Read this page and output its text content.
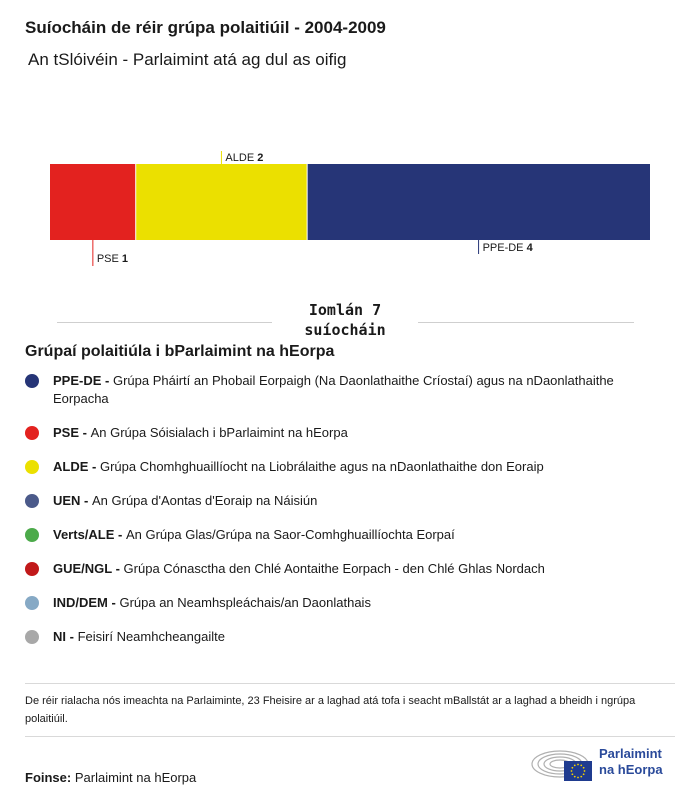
Suíocháin de réir grúpa polaitiúil - 2004-2009
An tSlóivéin - Parlaimint atá ag dul as oifig
PSE 1
ALDE 2
PPE-DE 4
Iomlán 7 suíocháin
Grúpaí polaitiúla i bParlaimint na hEorpa
PPE-DE - Grúpa Pháirtí an Phobail Eorpaigh (Na Daonlathaithe Críostaí) agus na nDaonlathaithe Eorpacha
PSE - An Grúpa Sóisialach i bParlaimint na hEorpa
ALDE - Grúpa Chomhghuaillíocht na Liobrálaithe agus na nDaonlathaithe don Eoraip
UEN - An Grúpa d'Aontas d'Eoraip na Náisiún
Verts/ALE - An Grúpa Glas/Grúpa na Saor-Comhghuaillíochta Eorpaí
GUE/NGL - Grúpa Cónasctha den Chlé Aontaithe Eorpach - den Chlé Ghlas Nordach
IND/DEM - Grúpa an Neamhspleáchais/an Daonlathais
NI - Feisirí Neamhcheangailte
De réir rialacha nós imeachta na Parlaiminte, 23 Fheisire ar a laghad atá tofa i seacht mBallstát ar a laghad a bheidh i ngrúpa polaitiúil.
Foinse: Parlaimint na hEorpa
Parlaimint
na hEorpa
